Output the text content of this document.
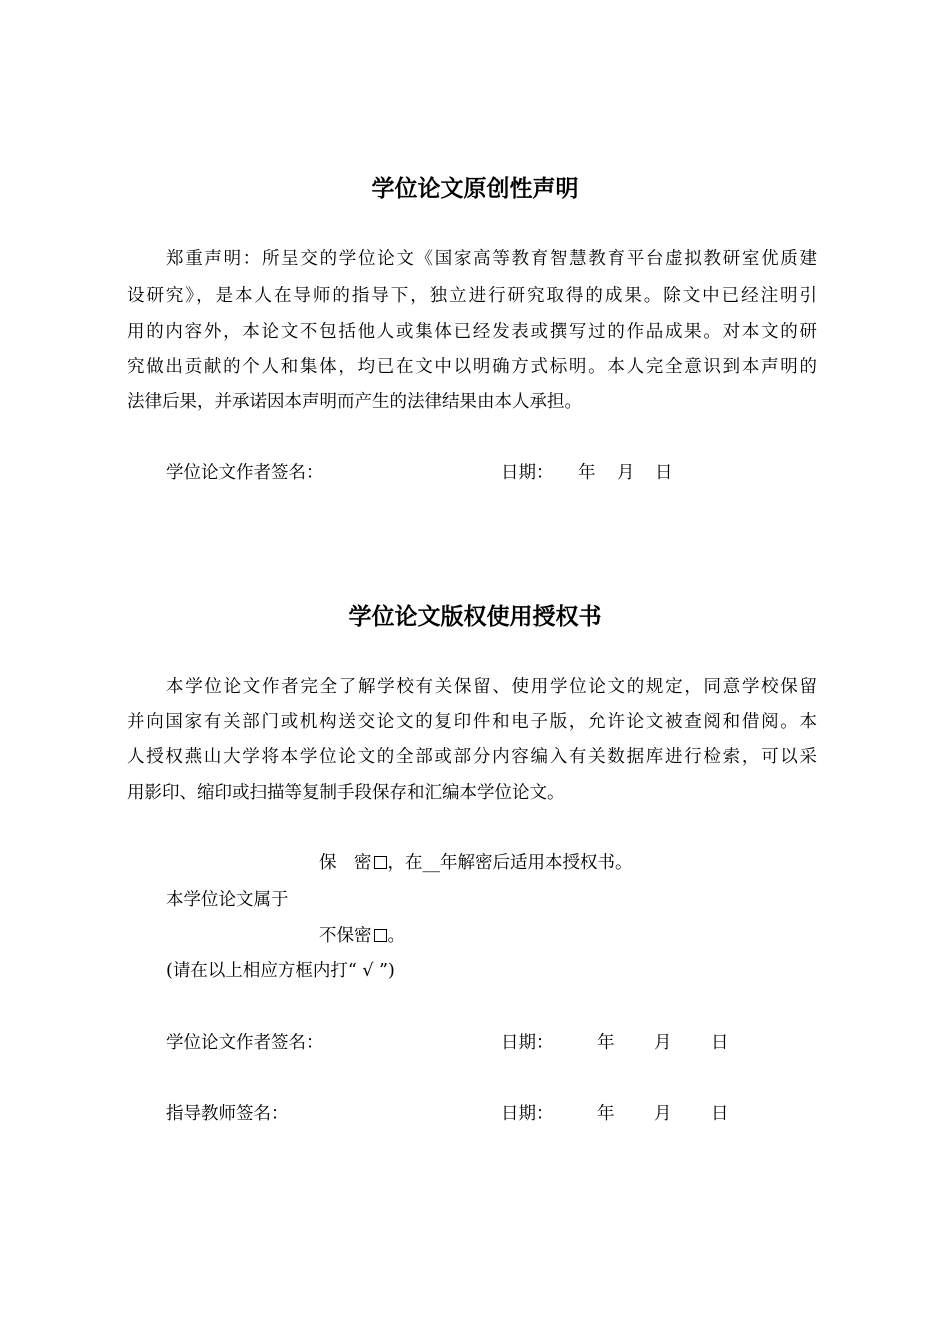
学位论文原创性声明
郑重声明：所呈交的学位论文《国家高等教育智慧教育平台虚拟教研室优质建
设研究》，是本人在导师的指导下，独立进行研究取得的成果。除文中已经注明引
用的内容外，本论文不包括他人或集体已经发表或撰写过的作品成果。对本文的研
究做出贡献的个人和集体，均已在文中以明确方式标明。本人完全意识到本声明的
法律后果，并承诺因本声明而产生的法律结果由本人承担。
学位论文作者签名：	日期： 年 月 日
学位论文版权使用授权书
本学位论文作者完全了解学校有关保留、使用学位论文的规定，同意学校保留
并向国家有关部门或机构送交论文的复印件和电子版，允许论文被查阅和借阅。本
人授权燕山大学将本学位论文的全部或部分内容编入有关数据库进行检索，可以采
用影印、缩印或扫描等复制手段保存和汇编本学位论文。
保　密 ，在__年解密后适用本授权书。
本学位论文属于
不保密 。
(请在以上相应方框内打“ √ ”)
学位论文作者签名：	日期： 年 月 日
指导教师签名：	日期： 年 月 日
